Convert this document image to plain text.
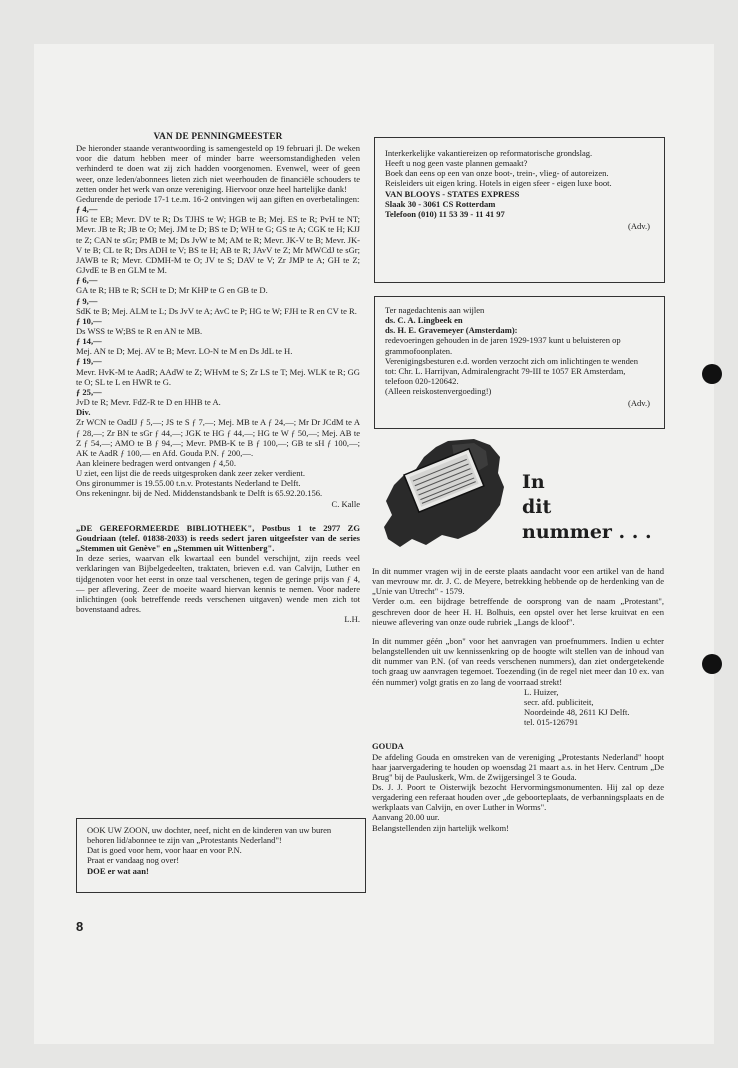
VAN DE PENNINGMEESTER
De hieronder staande verantwoording is samengesteld op 19 februari jl. De weken voor die datum hebben meer of minder barre weersomstandigheden velen verhinderd te doen wat zij zich hadden voorgenomen. Evenwel, weer of geen weer, onze leden/abonnees lieten zich niet weerhouden de financiële schouders te zetten onder het werk van onze vereniging. Hiervoor onze heel hartelijke dank!
Gedurende de periode 17-1 t.e.m. 16-2 ontvingen wij aan giften en overbetalingen:
ƒ 4,—
HG te EB; Mevr. DV te R; Ds TJHS te W; HGB te B; Mej. ES te R; PvH te NT; Mevr. JB te R; JB te O; Mej. JM te D; BS te D; WH te G; GS te A; CGK te H; KJJ te Z; CAN te sGr; PMB te M; Ds JvW te M; AM te R; Mevr. JK-V te B; Mevr. JK-V te B; CL te R; Drs ADH te V; BS te H; AB te R; JAvV te Z; Mr MWCdJ te sGr; JAWB te R; Mevr. CDMH-M te O; JV te S; DAV te V; Zr JMP te A; GH te Z; GJvdE te B en GLM te M.
ƒ 6,—
GA te R; HB te R; SCH te D; Mr KHP te G en GB te D.
ƒ 9,—
SdK te B; Mej. ALM te L; Ds JvV te A; AvC te P; HG te W; FJH te R en CV te R.
ƒ 10,—
Ds WSS te W;BS te R en AN te MB.
ƒ 14,—
Mej. AN te D; Mej. AV te B; Mevr. LO-N te M en Ds JdL te H.
ƒ 19,—
Mevr. HvK-M te AadR; AAdW te Z; WHvM te S; Zr LS te T; Mej. WLK te R; GG te O; SL te L en HWR te G.
ƒ 25,—
JvD te R; Mevr. FdZ-R te D en HHB te A.
Div.
Zr WCN te OadIJ ƒ 5,—; JS te S ƒ 7,—; Mej. MB te A ƒ 24,—; Mr Dr JCdM te A ƒ 28,—; Zr BN te sGr ƒ 44,—; JGK te HG ƒ 44,—; HG te W ƒ 50,—; Mej. AB te Z ƒ 54,—; AMO te B ƒ 94,—; Mevr. PMB-K te B ƒ 100,—; GB te sH ƒ 100,—; AK te AadR ƒ 100,— en Afd. Gouda P.N. ƒ 200,—.
Aan kleinere bedragen werd ontvangen ƒ 4,50.
U ziet, een lijst die de reeds uitgesproken dank zeer zeker verdient.
Ons gironummer is 19.55.00 t.n.v. Protestants Nederland te Delft.
Ons rekeningnr. bij de Ned. Middenstandsbank te Delft is 65.92.20.156.
C. Kalle
„DE GEREFORMEERDE BIBLIOTHEEK", Postbus 1 te 2977 ZG Goudriaan (telef. 01838-2033) is reeds sedert jaren uitgeefster van de series „Stemmen uit Genève" en „Stemmen uit Wittenberg".
In deze series, waarvan elk kwartaal een bundel verschijnt, zijn reeds veel verklaringen van Bijbelgedeelten, traktaten, brieven e.d. van Calvijn, Luther en tijdgenoten voor het eerst in onze taal verschenen, tegen de geringe prijs van ƒ 4,— per aflevering. Zeer de moeite waard hiervan kennis te nemen. Voor nadere inlichtingen (ook betreffende reeds verschenen uitgaven) wende men zich tot bovenstaand adres.
L.H.
OOK UW ZOON, uw dochter, neef, nicht en de kinderen van uw buren behoren lid/abonnee te zijn van „Protestants Nederland"!
Dat is goed voor hem, voor haar en voor P.N.
Praat er vandaag nog over!
DOE er wat aan!
8
Interkerkelijke vakantiereizen op reformatorische grondslag.
Heeft u nog geen vaste plannen gemaakt?
Boek dan eens op een van onze boot-, trein-, vlieg- of autoreizen.
Reisleiders uit eigen kring. Hotels in eigen sfeer - eigen luxe boot.
VAN BLOOYS - STATES EXPRESS
Slaak 30 - 3061 CS Rotterdam
Telefoon (010) 11 53 39 - 11 41 97
(Adv.)
Ter nagedachtenis aan wijlen
ds. C. A. Lingbeek en
ds. H. E. Gravemeyer (Amsterdam):
redevoeringen gehouden in de jaren 1929-1937 kunt u beluisteren op grammofoonplaten.
Verenigingsbesturen e.d. worden verzocht zich om inlichtingen te wenden tot: Chr. L. Harrijvan, Admiralengracht 79-III te 1057 ER Amsterdam, telefoon 020-120642.
(Alleen reiskostenvergoeding!)
(Adv.)
In
dit
nummer . . .
In dit nummer vragen wij in de eerste plaats aandacht voor een artikel van de hand van mevrouw mr. dr. J. C. de Meyere, betrekking hebbende op de herdenking van de „Unie van Utrecht" - 1579.
Verder o.m. een bijdrage betreffende de oorsprong van de naam „Protestant", geschreven door de heer H. H. Bolhuis, een opstel over het lerse kruitvat en een nieuwe aflevering van onze oude rubriek „Langs de kloof".
In dit nummer géén „bon" voor het aanvragen van proefnummers. Indien u echter belangstellenden uit uw kennissenkring op de hoogte wilt stellen van de inhoud van dit nummer van P.N. (of van reeds verschenen nummers), dan ziet ondergetekende toch graag uw aanvragen tegemoet. Toezending (in de regel niet meer dan 10 ex. van één nummer) volgt gratis en zo lang de voorraad strekt!
L. Huizer,
secr. afd. publiciteit,
Noordeinde 48, 2611 KJ Delft.
tel. 015-126791
GOUDA
De afdeling Gouda en omstreken van de vereniging „Protestants Nederland" hoopt haar jaarvergadering te houden op woensdag 21 maart a.s. in het Herv. Centrum „De Brug" bij de Pauluskerk, Wm. de Zwijgersingel 3 te Gouda.
Ds. J. J. Poort te Oisterwijk bezocht Hervormingsmonumenten. Hij zal op deze vergadering een referaat houden over „de geboorteplaats, de verbanningsplaats en de werkplaats van Calvijn, en over Luther in Worms".
Aanvang 20.00 uur.
Belangstellenden zijn hartelijk welkom!
